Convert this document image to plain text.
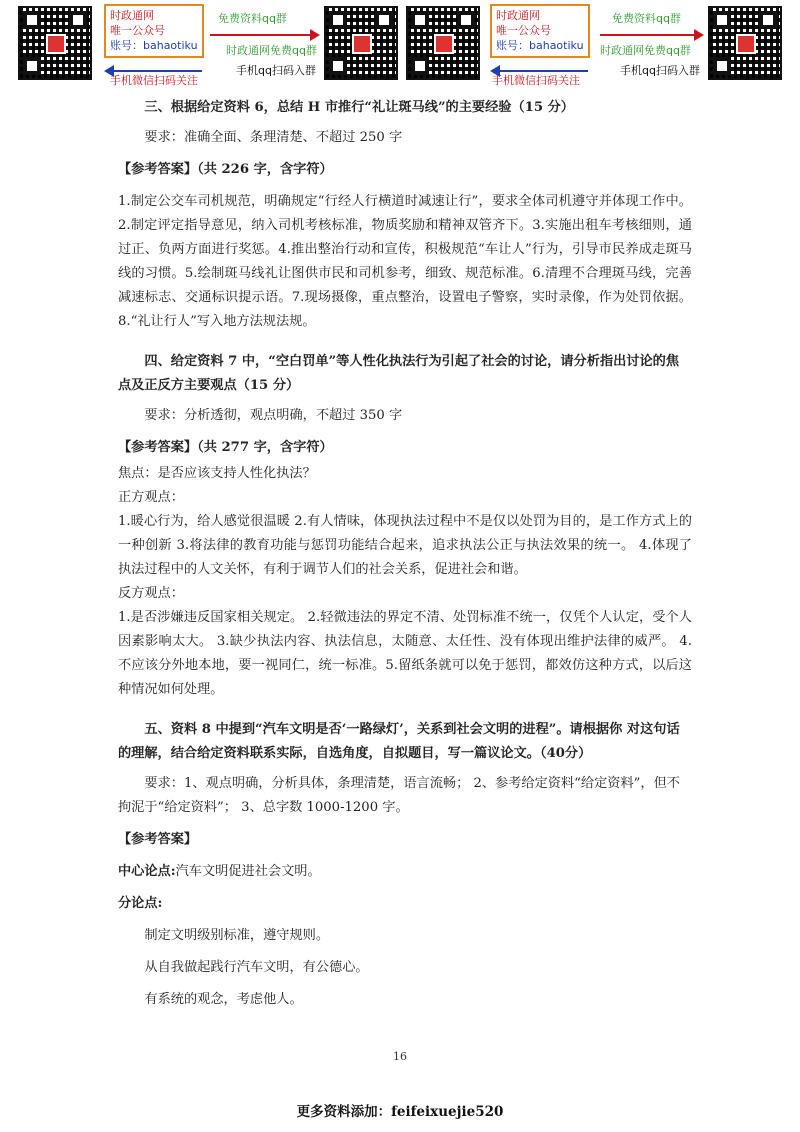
时政通网
唯一公众号
账号：bahaotiku
手机微信扫码关注
免费资料qq群
时政通网免费qq群
手机qq扫码入群
时政通网
唯一公众号
账号：bahaotiku
手机微信扫码关注
免费资料qq群
时政通网免费qq群
手机qq扫码入群

三、根据给定资料 6，总结 H 市推行“礼让斑马线”的主要经验（15 分）

要求：准确全面、条理清楚、不超过 250 字

【参考答案】（共 226 字，含字符）

1.制定公交车司机规范，明确规定“行经人行横道时减速让行”，要求全体司机遵守并体现工作中。2.制定评定指导意见，纳入司机考核标准，物质奖励和精神双管齐下。3.实施出租车考核细则，通过正、负两方面进行奖惩。4.推出整治行动和宣传，积极规范“车让人”行为，引导市民养成走斑马线的习惯。5.绘制斑马线礼让图供市民和司机参考，细致、规范标准。6.清理不合理斑马线，完善减速标志、交通标识提示语。7.现场摄像，重点整治，设置电子警察，实时录像，作为处罚依据。8.“礼让行人”写入地方法规法规。

四、给定资料 7 中，“空白罚单”等人性化执法行为引起了社会的讨论，请分析指出讨论的焦点及正反方主要观点（15 分）

要求：分析透彻，观点明确，不超过 350 字

【参考答案】（共 277 字，含字符）

焦点：是否应该支持人性化执法？

正方观点：

1.暖心行为，给人感觉很温暖 2.有人情味，体现执法过程中不是仅以处罚为目的，是工作方式上的一种创新 3.将法律的教育功能与惩罚功能结合起来，追求执法公正与执法效果的统一。 4.体现了执法过程中的人文关怀，有利于调节人们的社会关系，促进社会和谐。

反方观点：

1.是否涉嫌违反国家相关规定。 2.轻微违法的界定不清、处罚标准不统一，仅凭个人认定，受个人因素影响太大。 3.缺少执法内容、执法信息，太随意、太任性、没有体现出维护法律的威严。 4.不应该分外地本地，要一视同仁，统一标准。5.留纸条就可以免于惩罚，都效仿这种方式，以后这种情况如何处理。

五、资料 8 中提到“汽车文明是否‘一路绿灯’，关系到社会文明的进程”。请根据你 对这句话的理解，结合给定资料联系实际，自选角度，自拟题目，写一篇议论文。（40分）

要求：1、观点明确，分析具体，条理清楚，语言流畅； 2、参考给定资料“给定资料”，但不拘泥于“给定资料”； 3、总字数 1000-1200 字。

【参考答案】

中心论点:汽车文明促进社会文明。

分论点:

制定文明级别标准，遵守规则。

从自我做起践行汽车文明，有公德心。

有系统的观念，考虑他人。

16
更多资料添加：feifeixuejie520
